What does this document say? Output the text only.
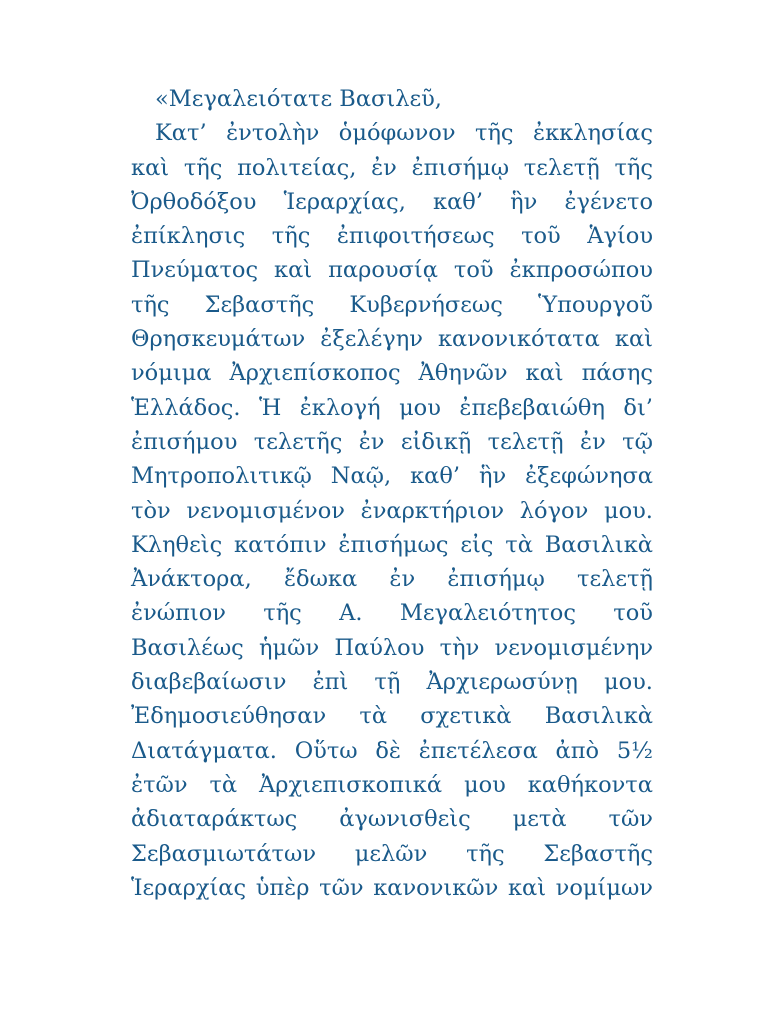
«Μεγαλειότατε
Βασιλεῦ,
Κατ’ ἐντολὴν ὁμόφωνον τῆς ἐκκλησίας
καὶ τῆς πολιτείας, ἐν ἐπισήμῳ τελετῇ τῆς
Ὀρθοδόξου Ἱεραρχίας, καθ’ ἣν ἐγένετο
ἐπίκλησις τῆς ἐπιφοιτήσεως τοῦ Ἁγίου
Πνεύματος καὶ παρουσίᾳ τοῦ ἐκπροσώπου
τῆς Σεβαστῆς Κυβερνήσεως Ὑπουργοῦ
Θρησκευμάτων ἐξελέγην κανονικότατα καὶ
νόμιμα Ἀρχιεπίσκοπος Ἀθηνῶν καὶ πάσης
Ἑλλάδος. Ἡ ἐκλογή μου ἐπεβεβαιώθη δι’
ἐπισήμου τελετῆς ἐν εἰδικῇ τελετῇ ἐν τῷ
Μητροπολιτικῷ Ναῷ, καθ’ ἣν ἐξεφώνησα
τὸν νενομισμένον ἐναρκτήριον λόγον μου.
Κληθεὶς κατόπιν ἐπισήμως εἰς τὰ Βασιλικὰ
Ἀνάκτορα, ἔδωκα ἐν ἐπισήμῳ τελετῇ
ἐνώπιον τῆς Α. Μεγαλειότητος τοῦ
Βασιλέως ἡμῶν Παύλου τὴν νενομισμένην
διαβεβαίωσιν ἐπὶ τῇ Ἀρχιερωσύνῃ μου.
Ἐδημοσιεύθησαν τὰ σχετικὰ Βασιλικὰ
Διατάγματα. Οὕτω δὲ ἐπετέλεσα ἀπὸ 5½
ἐτῶν τὰ Ἀρχιεπισκοπικά μου καθήκοντα
ἀδιαταράκτως ἀγωνισθεὶς μετὰ τῶν
Σεβασμιωτάτων μελῶν τῆς Σεβαστῆς
Ἱεραρχίας ὑπὲρ τῶν κανονικῶν καὶ νομίμων
